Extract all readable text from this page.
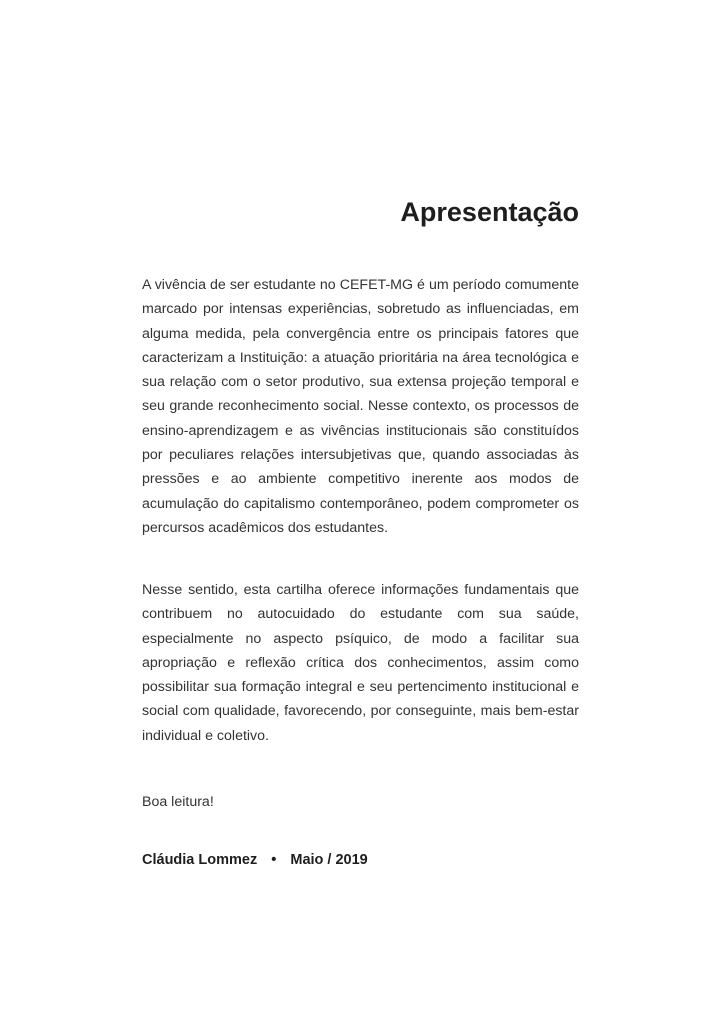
Apresentação

A vivência de ser estudante no CEFET-MG é um período comumente marcado por intensas experiências, sobretudo as influenciadas, em alguma medida, pela convergência entre os principais fatores que caracterizam a Instituição: a atuação prioritária na área tecnológica e sua relação com o setor produtivo, sua extensa projeção temporal e seu grande reconhecimento social. Nesse contexto, os processos de ensino-aprendizagem e as vivências institucionais são constituídos por peculiares relações intersubjetivas que, quando associadas às pressões e ao ambiente competitivo inerente aos modos de acumulação do capitalismo contemporâneo, podem comprometer os percursos acadêmicos dos estudantes.

Nesse sentido, esta cartilha oferece informações fundamentais que contribuem no autocuidado do estudante com sua saúde, especialmente no aspecto psíquico, de modo a facilitar sua apropriação e reflexão crítica dos conhecimentos, assim como possibilitar sua formação integral e seu pertencimento institucional e social com qualidade, favorecendo, por conseguinte, mais bem-estar individual e coletivo.

Boa leitura!

Cláudia Lommez • Maio / 2019
